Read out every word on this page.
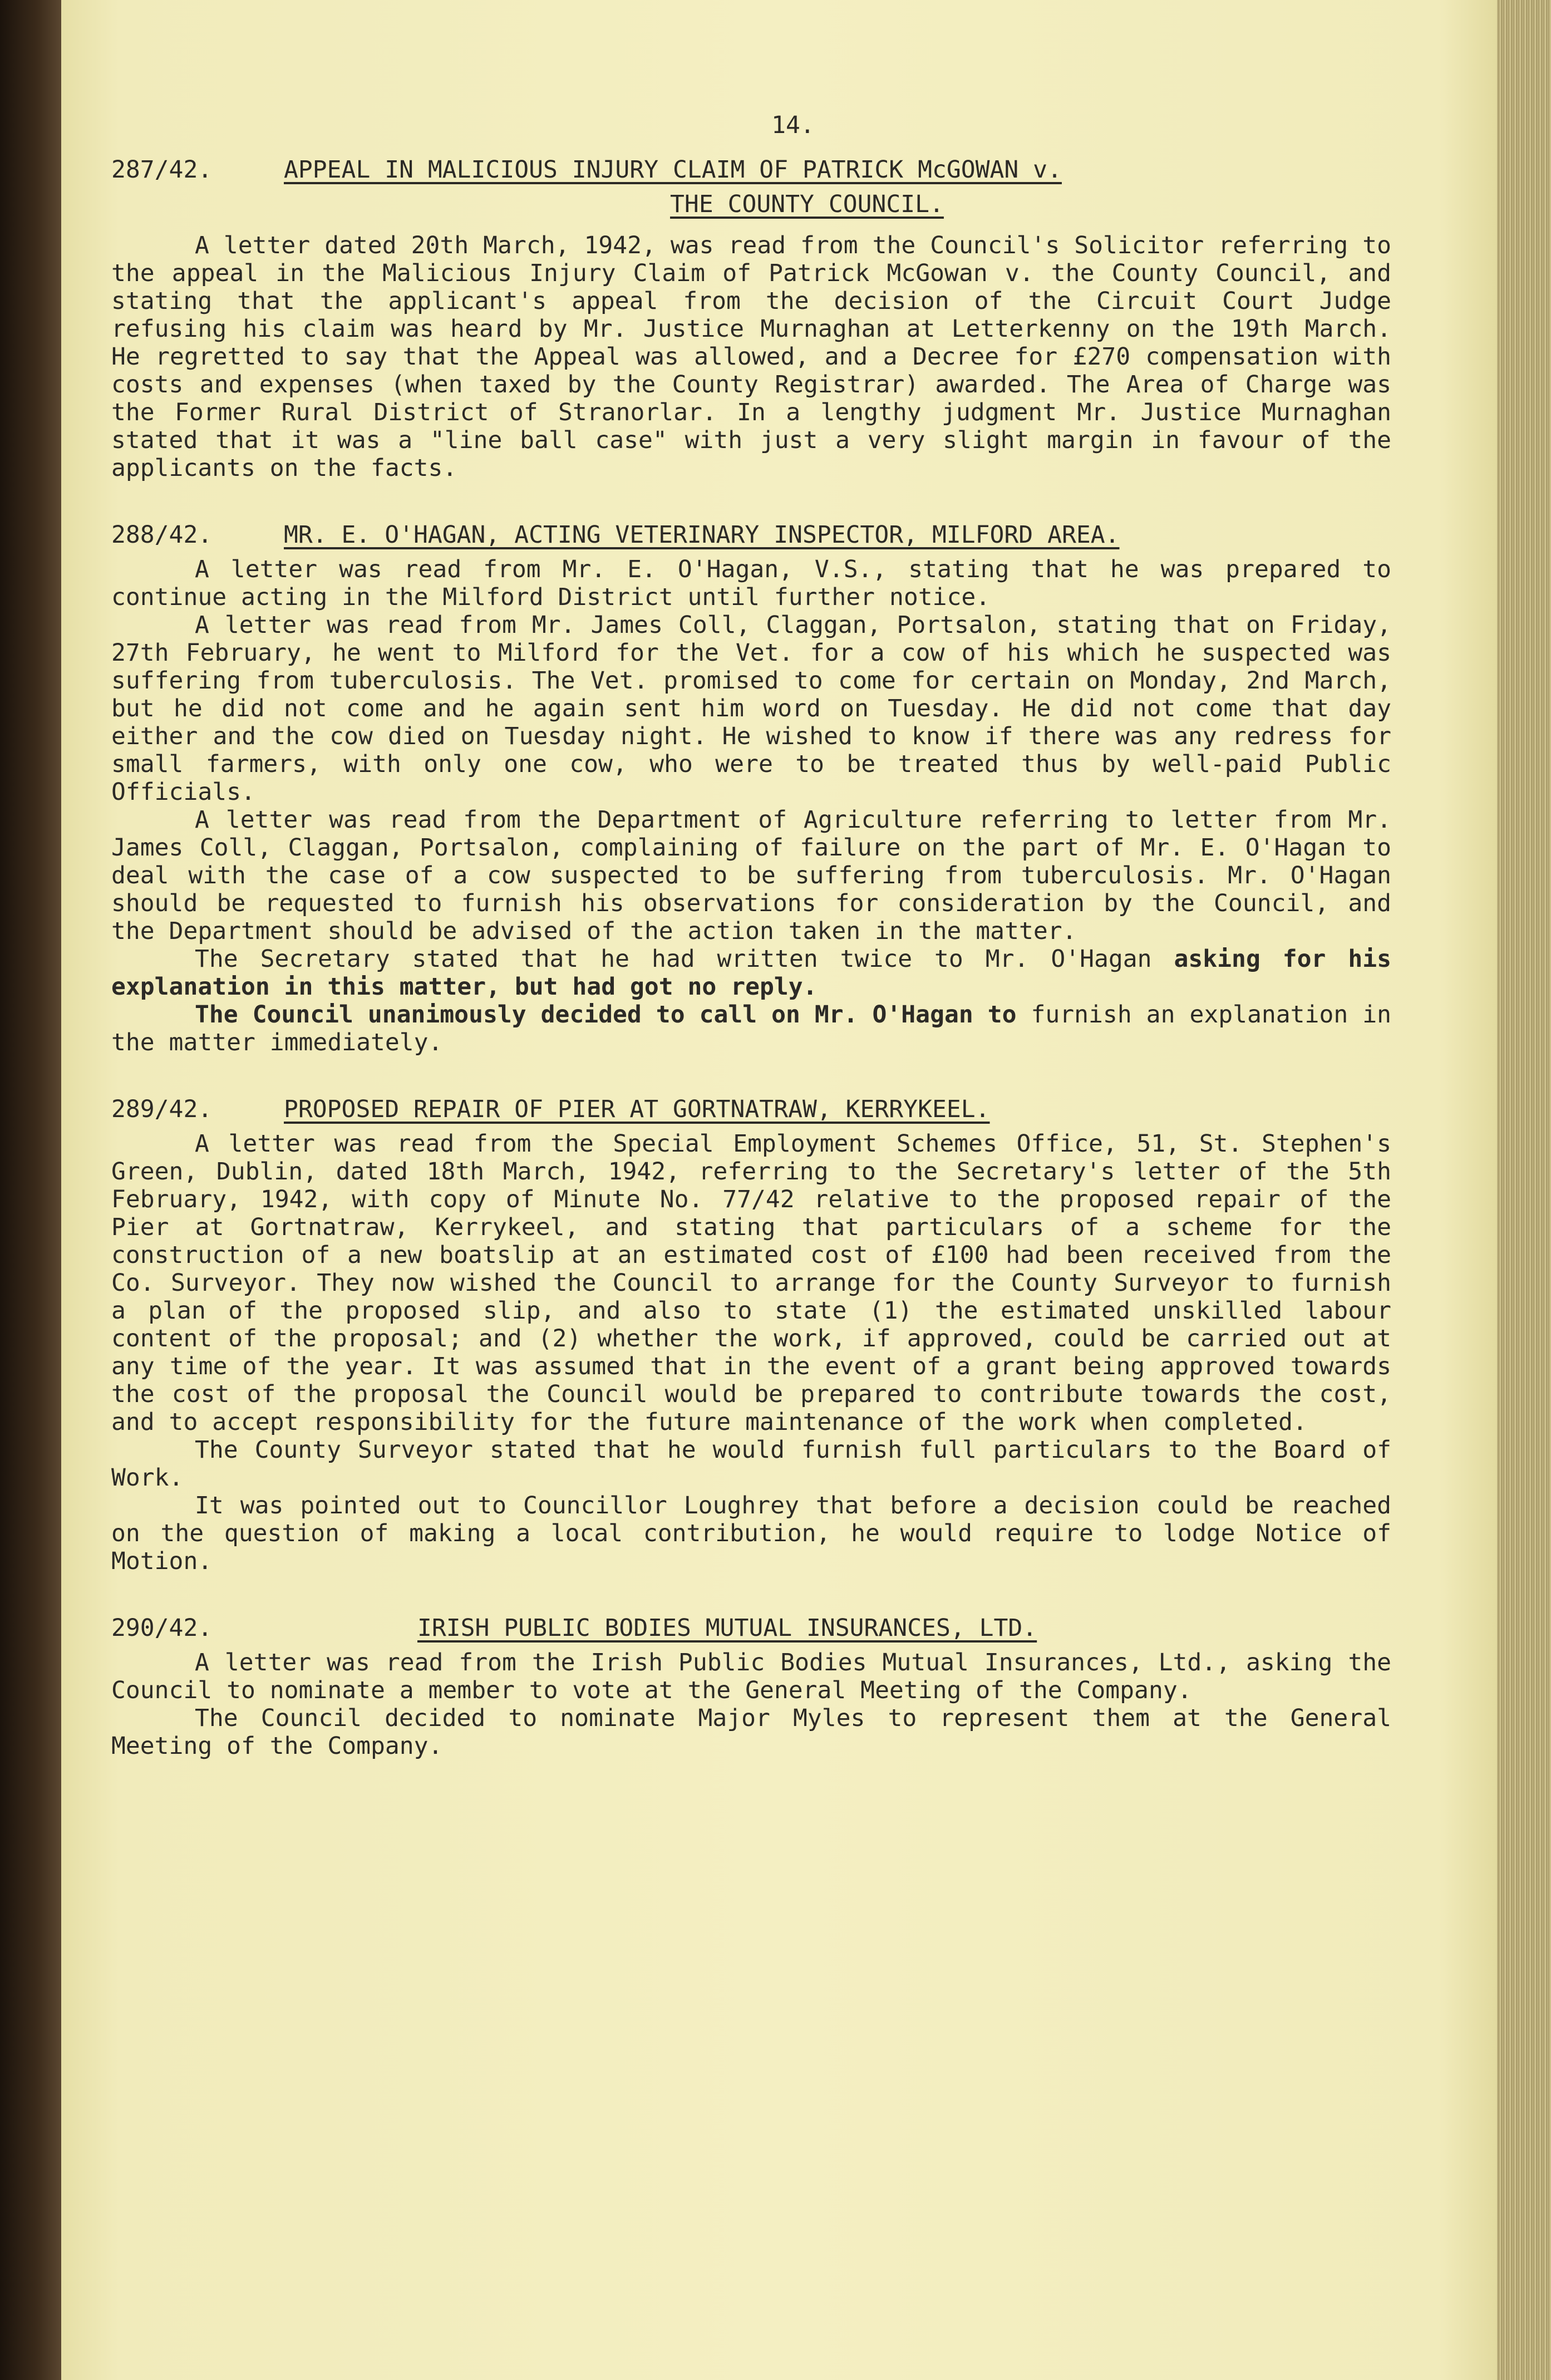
14.
287/42.	APPEAL IN MALICIOUS INJURY CLAIM OF PATRICK McGOWAN v.
THE COUNTY COUNCIL.

A letter dated 20th March, 1942, was read from the Council's Solicitor referring to the appeal in the Malicious Injury Claim of Patrick McGowan v. the County Council, and stating that the applicant's appeal from the decision of the Circuit Court Judge refusing his claim was heard by Mr. Justice Murnaghan at Letterkenny on the 19th March. He regretted to say that the Appeal was allowed, and a Decree for £270 compensation with costs and expenses (when taxed by the County Registrar) awarded. The Area of Charge was the Former Rural District of Stranorlar. In a lengthy judgment Mr. Justice Murnaghan stated that it was a "line ball case" with just a very slight margin in favour of the applicants on the facts.

288/42.	MR. E. O'HAGAN, ACTING VETERINARY INSPECTOR, MILFORD AREA.

A letter was read from Mr. E. O'Hagan, V.S., stating that he was prepared to continue acting in the Milford District until further notice.

A letter was read from Mr. James Coll, Claggan, Portsalon, stating that on Friday, 27th February, he went to Milford for the Vet. for a cow of his which he suspected was suffering from tuberculosis. The Vet. promised to come for certain on Monday, 2nd March, but he did not come and he again sent him word on Tuesday. He did not come that day either and the cow died on Tuesday night. He wished to know if there was any redress for small farmers, with only one cow, who were to be treated thus by well-paid Public Officials.

A letter was read from the Department of Agriculture referring to letter from Mr. James Coll, Claggan, Portsalon, complaining of failure on the part of Mr. E. O'Hagan to deal with the case of a cow suspected to be suffering from tuberculosis. Mr. O'Hagan should be requested to furnish his observations for consideration by the Council, and the Department should be advised of the action taken in the matter.

The Secretary stated that he had written twice to Mr. O'Hagan asking for his explanation in this matter, but had got no reply.

The Council unanimously decided to call on Mr. O'Hagan to furnish an explanation in the matter immediately.

289/42.	PROPOSED REPAIR OF PIER AT GORTNATRAW, KERRYKEEL.

A letter was read from the Special Employment Schemes Office, 51, St. Stephen's Green, Dublin, dated 18th March, 1942, referring to the Secretary's letter of the 5th February, 1942, with copy of Minute No. 77/42 relative to the proposed repair of the Pier at Gortnatraw, Kerrykeel, and stating that particulars of a scheme for the construction of a new boatslip at an estimated cost of £100 had been received from the Co. Surveyor. They now wished the Council to arrange for the County Surveyor to furnish a plan of the proposed slip, and also to state (1) the estimated unskilled labour content of the proposal; and (2) whether the work, if approved, could be carried out at any time of the year. It was assumed that in the event of a grant being approved towards the cost of the proposal the Council would be prepared to contribute towards the cost, and to accept responsibility for the future maintenance of the work when completed.

The County Surveyor stated that he would furnish full particulars to the Board of Work.

It was pointed out to Councillor Loughrey that before a decision could be reached on the question of making a local contribution, he would require to lodge Notice of Motion.

290/42.	IRISH PUBLIC BODIES MUTUAL INSURANCES, LTD.

A letter was read from the Irish Public Bodies Mutual Insurances, Ltd., asking the Council to nominate a member to vote at the General Meeting of the Company.

The Council decided to nominate Major Myles to represent them at the General Meeting of the Company.
